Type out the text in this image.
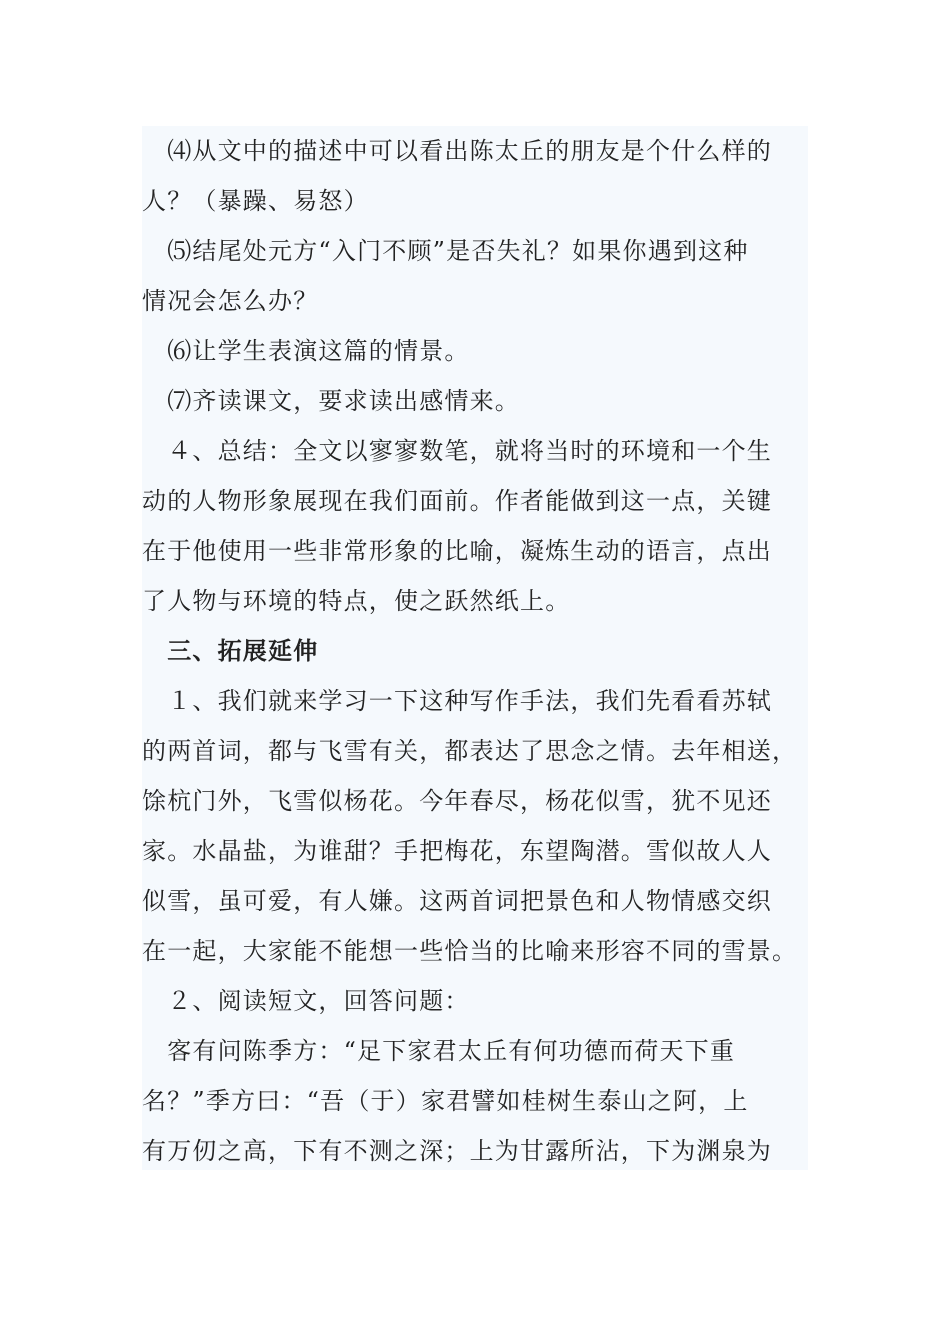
　⑷从文中的描述中可以看出陈太丘的朋友是个什么样的
人？（暴躁、易怒）
　⑸结尾处元方“入门不顾”是否失礼？如果你遇到这种
情况会怎么办？
　⑹让学生表演这篇的情景。
　⑺齐读课文，要求读出感情来。
　４、总结：全文以寥寥数笔，就将当时的环境和一个生
动的人物形象展现在我们面前。作者能做到这一点，关键
在于他使用一些非常形象的比喻，凝炼生动的语言，点出
了人物与环境的特点，使之跃然纸上。
　三、拓展延伸
　１、我们就来学习一下这种写作手法，我们先看看苏轼
的两首词，都与飞雪有关，都表达了思念之情。去年相送，
馀杭门外，飞雪似杨花。今年春尽，杨花似雪，犹不见还
家。水晶盐，为谁甜？手把梅花，东望陶潜。雪似故人人
似雪，虽可爱，有人嫌。这两首词把景色和人物情感交织
在一起，大家能不能想一些恰当的比喻来形容不同的雪景。
　２、阅读短文，回答问题：
　客有问陈季方：“足下家君太丘有何功德而荷天下重
名？”季方曰：“吾（于）家君譬如桂树生泰山之阿，上
有万仞之高，下有不测之深；上为甘露所沾，下为渊泉为
